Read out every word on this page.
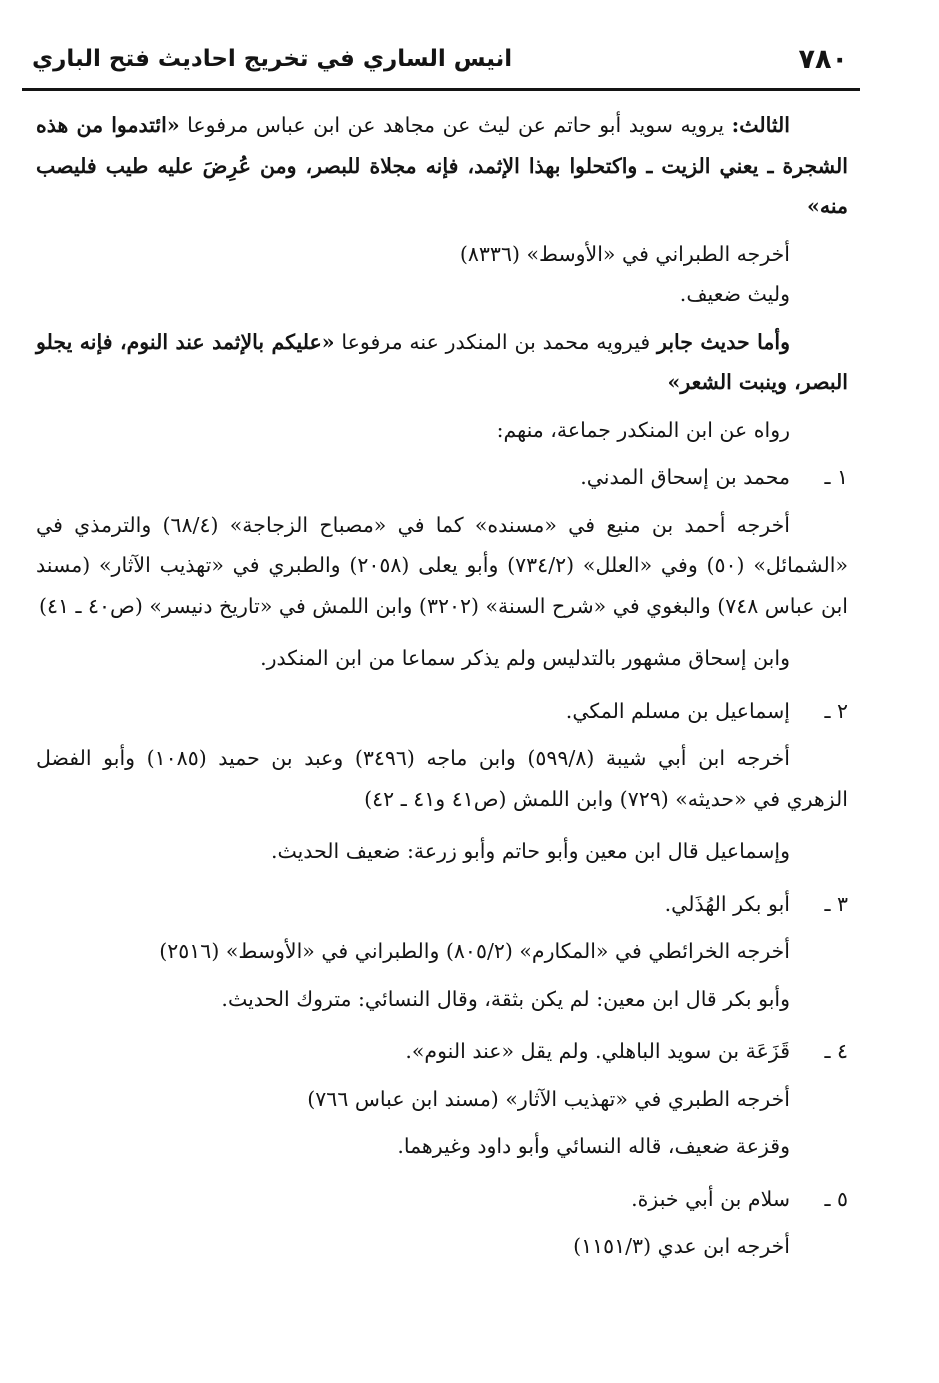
٧٨٠
انيس الساري في تخريج احاديث فتح الباري

الثالث: يرويه سويد أبو حاتم عن ليث عن مجاهد عن ابن عباس مرفوعا «ائتدموا من هذه الشجرة ـ يعني الزيت ـ واكتحلوا بهذا الإثمد، فإنه مجلاة للبصر، ومن عُرِضَ عليه طيب فليصب منه»

أخرجه الطبراني في «الأوسط» (٨٣٣٦)

وليث ضعيف.

وأما حديث جابر فيرويه محمد بن المنكدر عنه مرفوعا «عليكم بالإثمد عند النوم، فإنه يجلو البصر، وينبت الشعر»

رواه عن ابن المنكدر جماعة، منهم:

١ ـمحمد بن إسحاق المدني.

أخرجه أحمد بن منيع في «مسنده» كما في «مصباح الزجاجة» (٦٨/٤) والترمذي في «الشمائل» (٥٠) وفي «العلل» (٧٣٤/٢) وأبو يعلى (٢٠٥٨) والطبري في «تهذيب الآثار» (مسند ابن عباس ٧٤٨) والبغوي في «شرح السنة» (٣٢٠٢) وابن اللمش في «تاريخ دنيسر» (ص٤٠ ـ ٤١)

وابن إسحاق مشهور بالتدليس ولم يذكر سماعا من ابن المنكدر.

٢ ـإسماعيل بن مسلم المكي.

أخرجه ابن أبي شيبة (٥٩٩/٨) وابن ماجه (٣٤٩٦) وعبد بن حميد (١٠٨٥) وأبو الفضل الزهري في «حديثه» (٧٢٩) وابن اللمش (ص٤١ و٤١ ـ ٤٢)

وإسماعيل قال ابن معين وأبو حاتم وأبو زرعة: ضعيف الحديث.

٣ ـأبو بكر الهُذَلي.

أخرجه الخرائطي في «المكارم» (٨٠٥/٢) والطبراني في «الأوسط» (٢٥١٦)

وأبو بكر قال ابن معين: لم يكن بثقة، وقال النسائي: متروك الحديث.

٤ ـقَزَعَة بن سويد الباهلي. ولم يقل «عند النوم».

أخرجه الطبري في «تهذيب الآثار» (مسند ابن عباس ٧٦٦)

وقزعة ضعيف، قاله النسائي وأبو داود وغيرهما.

٥ ـسلام بن أبي خبزة.

أخرجه ابن عدي (١١٥١/٣)
